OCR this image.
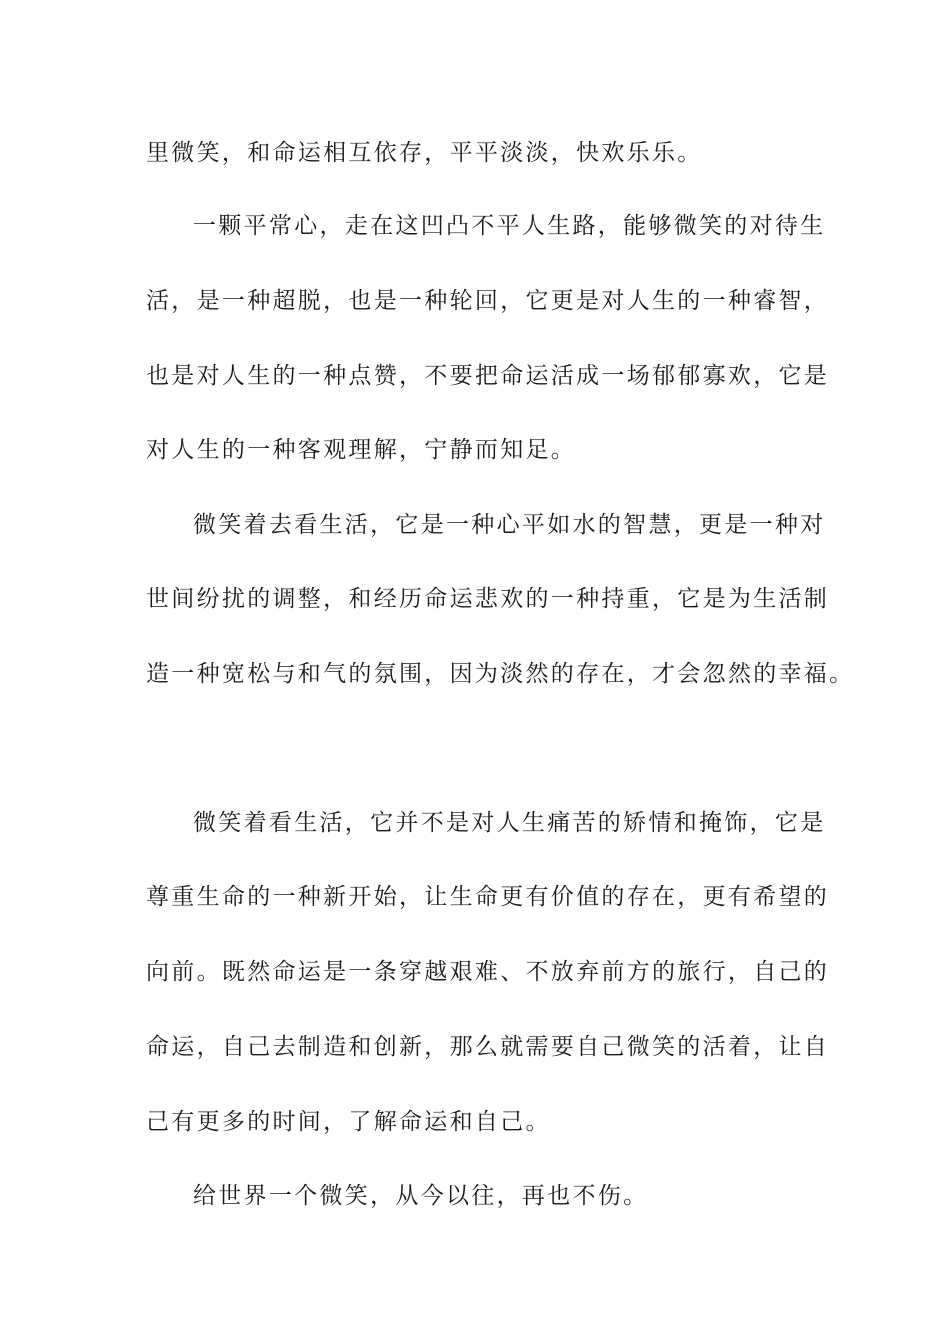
里微笑，和命运相互依存，平平淡淡，快欢乐乐。

一颗平常心，走在这凹凸不平人生路，能够微笑的对待生

活，是一种超脱，也是一种轮回，它更是对人生的一种睿智，

也是对人生的一种点赞，不要把命运活成一场郁郁寡欢，它是

对人生的一种客观理解，宁静而知足。

微笑着去看生活，它是一种心平如水的智慧，更是一种对

世间纷扰的调整，和经历命运悲欢的一种持重，它是为生活制

造一种宽松与和气的氛围，因为淡然的存在，才会忽然的幸福。

微笑着看生活，它并不是对人生痛苦的矫情和掩饰，它是

尊重生命的一种新开始，让生命更有价值的存在，更有希望的

向前。既然命运是一条穿越艰难、不放弃前方的旅行，自己的

命运，自己去制造和创新，那么就需要自己微笑的活着，让自

己有更多的时间，了解命运和自己。

给世界一个微笑，从今以往，再也不伤。
